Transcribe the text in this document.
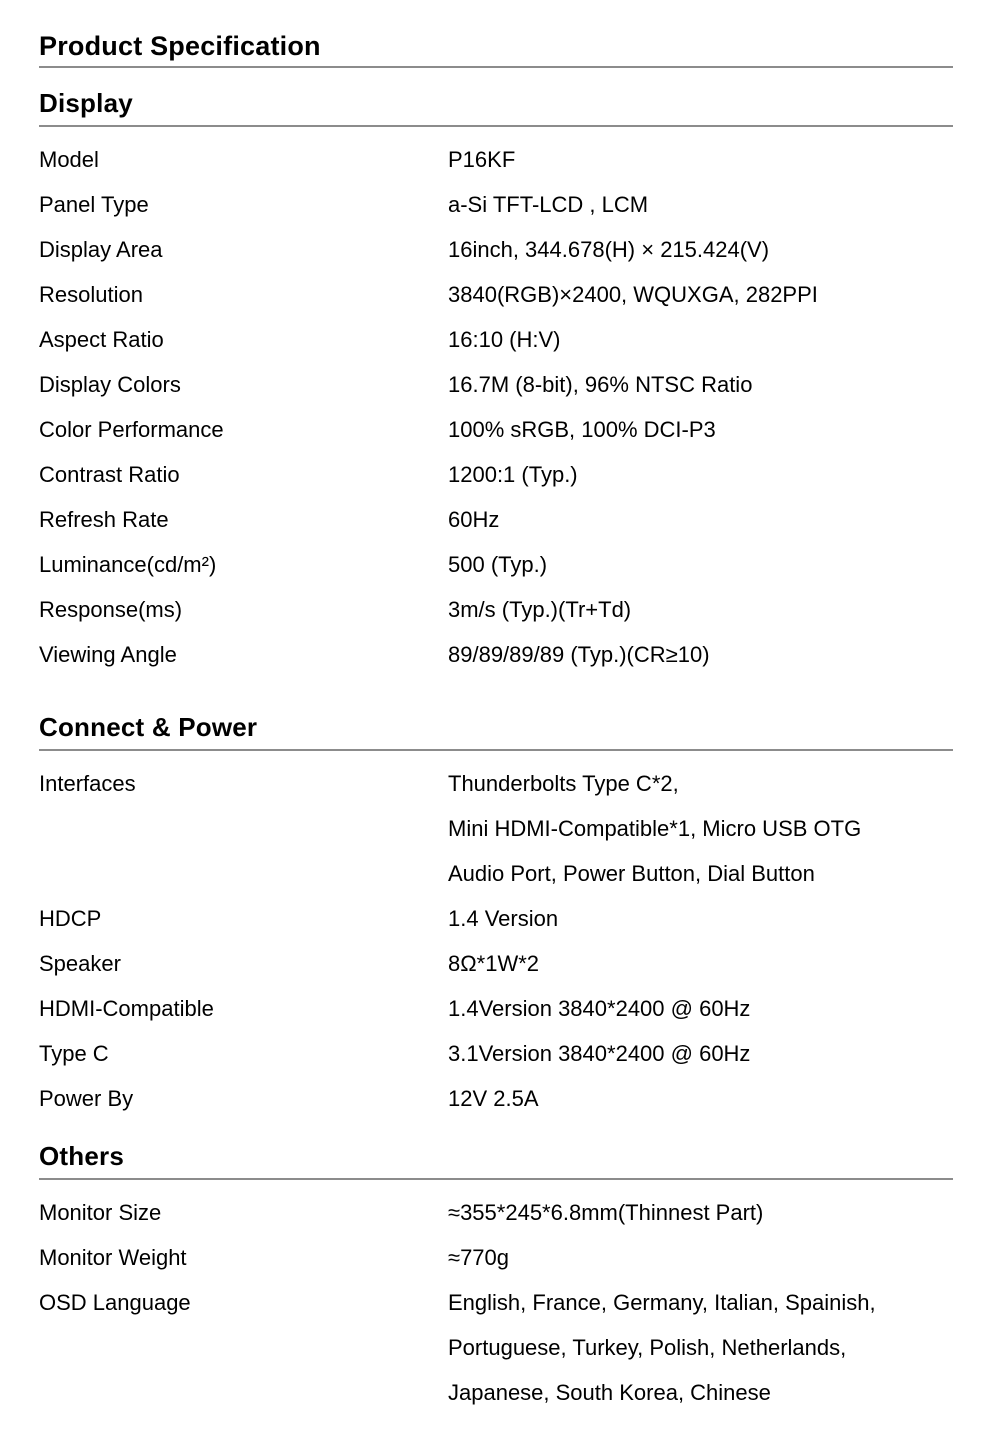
Product Specification
Display
Model	P16KF
Panel Type	a-Si TFT-LCD , LCM
Display Area	16inch, 344.678(H) × 215.424(V)
Resolution	3840(RGB)×2400, WQUXGA, 282PPI
Aspect Ratio	16:10 (H:V)
Display Colors	16.7M (8-bit), 96% NTSC Ratio
Color Performance	100% sRGB, 100% DCI-P3
Contrast Ratio	1200:1 (Typ.)
Refresh Rate	60Hz
Luminance(cd/m²)	500 (Typ.)
Response(ms)	3m/s (Typ.)(Tr+Td)
Viewing Angle	89/89/89/89 (Typ.)(CR≥10)
Connect & Power
Interfaces	Thunderbolts Type C*2,
Mini HDMI-Compatible*1, Micro USB OTG
Audio Port, Power Button, Dial Button
HDCP	1.4 Version
Speaker	8Ω*1W*2
HDMI-Compatible	1.4Version 3840*2400 @ 60Hz
Type C	3.1Version 3840*2400 @ 60Hz
Power By	12V 2.5A
Others
Monitor Size	≈355*245*6.8mm(Thinnest Part)
Monitor Weight	≈770g
OSD Language	English, France, Germany, Italian, Spainish,
Portuguese, Turkey, Polish, Netherlands,
Japanese, South Korea, Chinese
